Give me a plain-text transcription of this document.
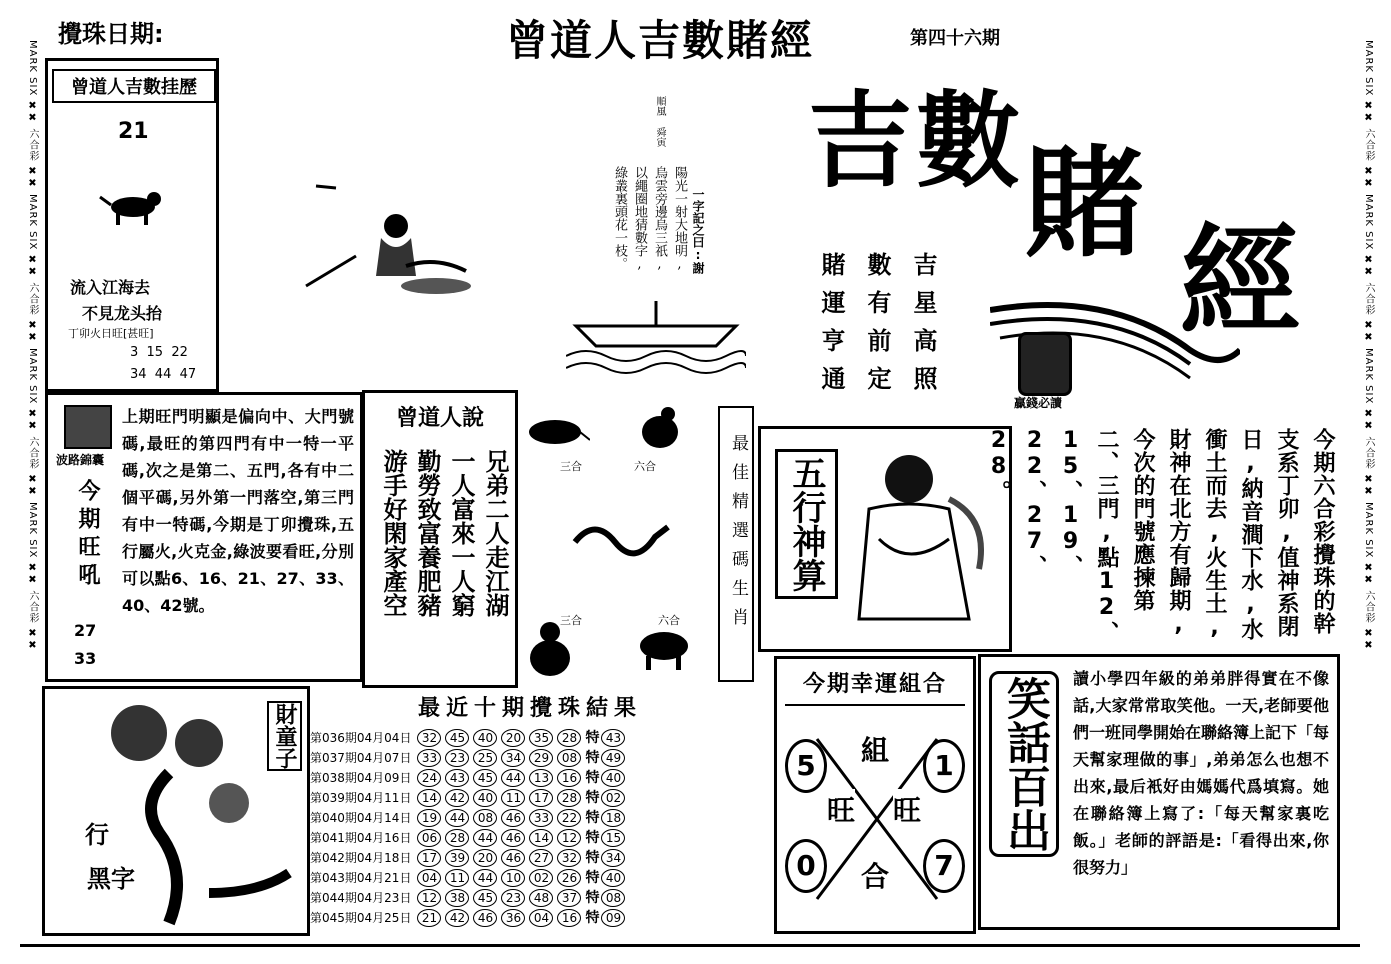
MARK SIX ✖✖ 六合彩 ✖✖ MARK SIX ✖✖ 六合彩 ✖✖ MARK SIX ✖✖ 六合彩 ✖✖ MARK SIX ✖✖ 六合彩 ✖✖	MARK SIX ✖✖ 六合彩 ✖✖ MARK SIX ✖✖ 六合彩 ✖✖ MARK SIX ✖✖ 六合彩 ✖✖ MARK SIX ✖✖ 六合彩 ✖✖
攪珠日期:	曾道人吉數賭經	第四十六期
曾道人吉數挂歷
21
流入江海去
不見龙头抬
丁卯火日旺[甚旺]
3  15  22
34  44  47
順風 舜寅
一字記之曰:謝
陽光一射大地明,
烏雲旁邊烏三祇,
以繩圈地猜數字,
綠叢裏頭花一枝。
吉 數 賭
經
贏錢必讀
吉星高照
數有前定
賭運亨通
波路錦囊
今期旺吼
27
33
上期旺門明顯是偏向中、大門號碼,最旺的第四門有中一特一平碼,次之是第二、五門,各有中二個平碼,另外第一門落空,第三門有中一特碼,今期是丁卯攪珠,五行屬火,火克金,綠波要看旺,分別可以點6、16、21、27、33、40、42號。
曾道人說
兄弟二人走江湖
一人富來一人窮
勤勞致富養肥豬
游手好閑家產空	三合	六合
三合	六合	最佳精選碼生肖	五行神算	今期六合彩攪珠的幹支系丁卯,值神系閉日,納音澗下水,水衝土而去,火生土,財神在北方有歸期,今次的門號應揀第二、三門,點12、15、19、22、27、28。
最近十期攪珠結果
第036期04月04日 32 45 40 20 35 28 特 43
第037期04月07日 33 23 25 34 29 08 特 49
第038期04月09日 24 43 45 44 13 16 特 40
第039期04月11日 14 42 40 11 17 28 特 02
第040期04月14日 19 44 08 46 33 22 特 18
第041期04月16日 06 28 44 46 14 12 特 15
第042期04月18日 17 39 20 46 27 32 特 34
第043期04月21日 04 11 44 10 02 26 特 40
第044期04月23日 12 38 45 23 48 37 特 08
第045期04月25日 21 42 46 36 04 16 特 09
財童子
行
黑字
今期幸運組合
5	1
0	7
組
旺 旺
合
笑話百出	讀小學四年級的弟弟胖得實在不像話,大家常常取笑他。一天,老師要他們一班同學開始在聯絡簿上記下「每天幫家理做的事」,弟弟怎么也想不出來,最后衹好由媽媽代爲填寫。她在聯絡簿上寫了:「每天幫家裏吃飯。」老師的評語是:「看得出來,你很努力」
